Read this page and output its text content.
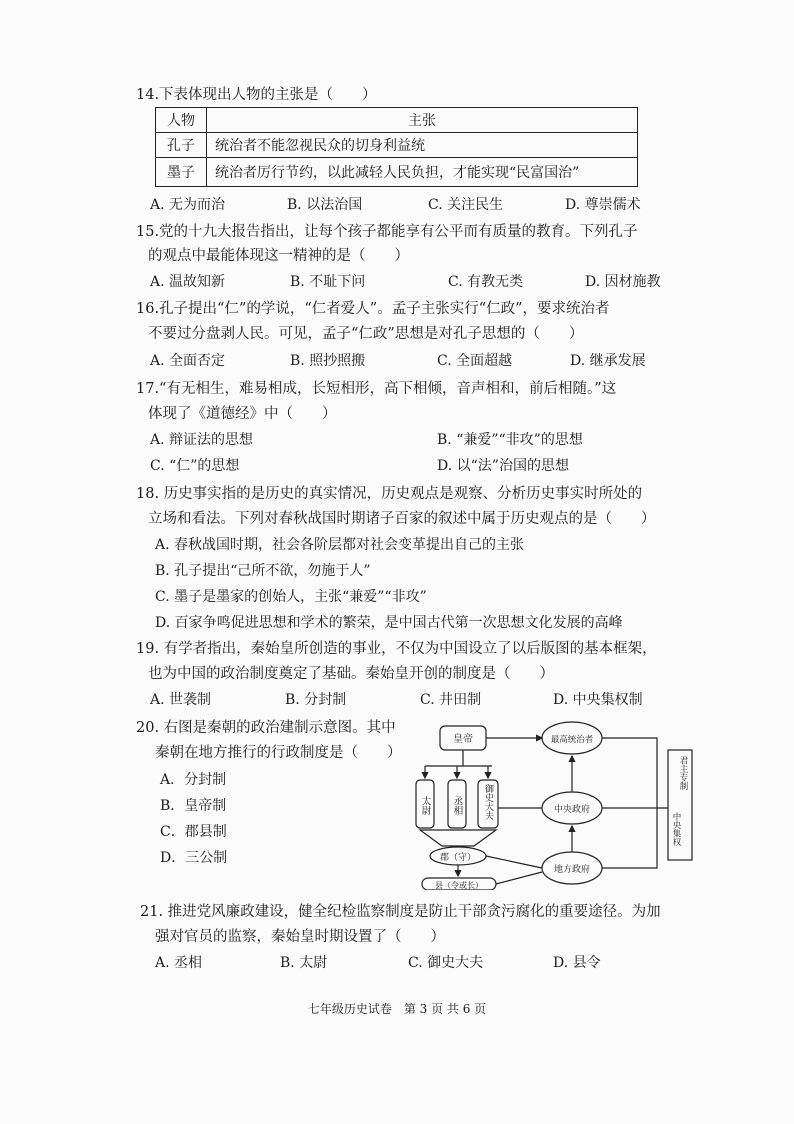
14.下表体现出人物的主张是（　　）
人物	主张
孔子	统治者不能忽视民众的切身利益统
墨子	统治者厉行节约，以此减轻人民负担，才能实现“民富国治”
A. 无为而治	B. 以法治国	C. 关注民生	D. 尊崇儒术
15.党的十九大报告指出，让每个孩子都能享有公平而有质量的教育。下列孔子
的观点中最能体现这一精神的是（　　）
A. 温故知新	B. 不耻下问	C. 有教无类	D. 因材施教
16.孔子提出“仁”的学说，“仁者爱人”。孟子主张实行“仁政”，要求统治者
不要过分盘剥人民。可见，孟子“仁政”思想是对孔子思想的（　　）
A. 全面否定	B. 照抄照搬	C. 全面超越	D. 继承发展
17.“有无相生，难易相成，长短相形，高下相倾，音声相和，前后相随。”这
体现了《道德经》中（　　）
A. 辩证法的思想	B. “兼爱”“非攻”的思想
C. “仁”的思想	D. 以“法”治国的思想
18. 历史事实指的是历史的真实情况，历史观点是观察、分析历史事实时所处的
立场和看法。下列对春秋战国时期诸子百家的叙述中属于历史观点的是（　　）
A. 春秋战国时期，社会各阶层都对社会变革提出自己的主张
B. 孔子提出“己所不欲，勿施于人”
C. 墨子是墨家的创始人，主张“兼爱”“非攻”
D. 百家争鸣促进思想和学术的繁荣，是中国古代第一次思想文化发展的高峰
19. 有学者指出，秦始皇所创造的事业，不仅为中国设立了以后版图的基本框架，
也为中国的政治制度奠定了基础。秦始皇开创的制度是（　　）
A. 世袭制	B. 分封制	C. 井田制	D. 中央集权制
20. 右图是秦朝的政治建制示意图。其中
秦朝在地方推行的行政制度是（　　）
A．分封制
B．皇帝制
C．郡县制
D．三公制
皇帝	最高统治者
中央政府
地方政府
郡（守）
县（令或长）
太尉 丞相 御史大夫
君主专制
中央集权
21. 推进党风廉政建设，健全纪检监察制度是防止干部贪污腐化的重要途径。为加
强对官员的监察，秦始皇时期设置了（　　）
A. 丞相	B. 太尉	C. 御史大夫	D. 县令
七年级历史试卷　第 3 页 共 6 页
